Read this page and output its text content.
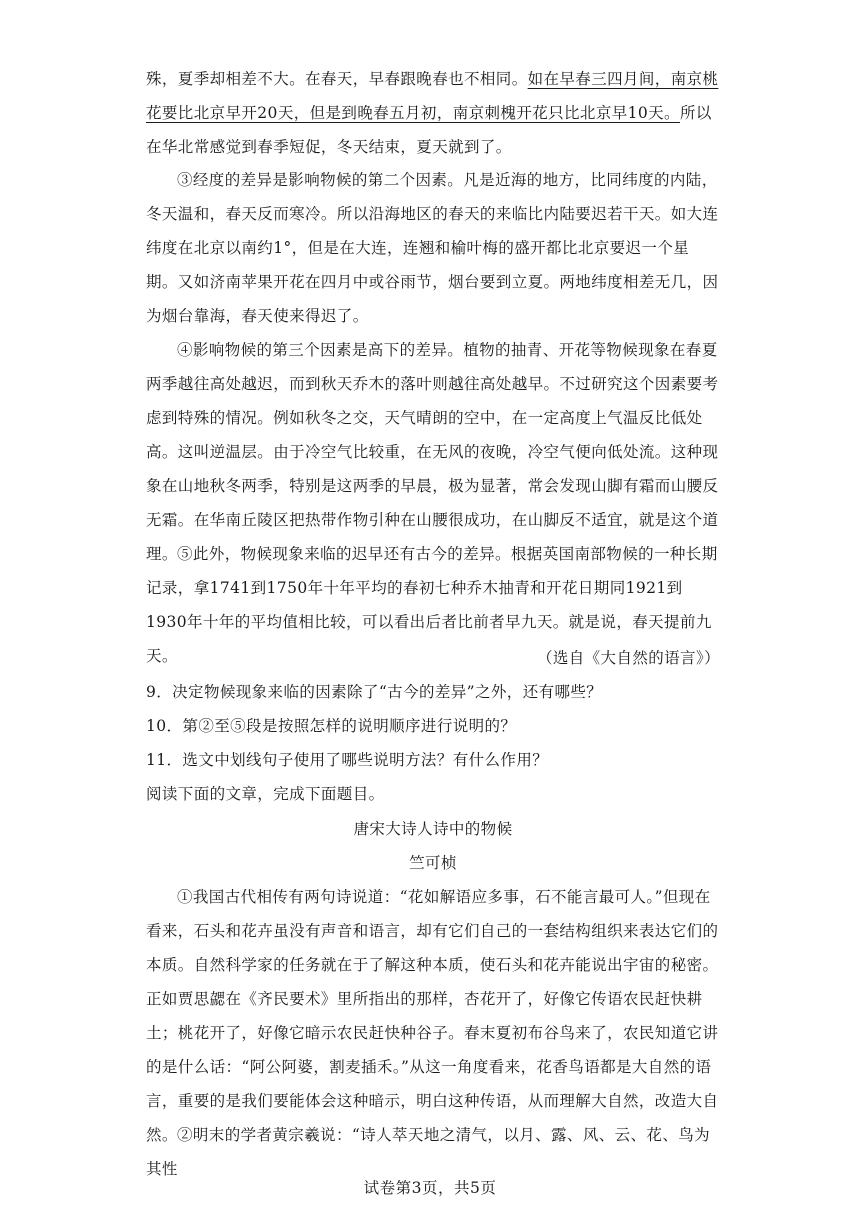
殊，夏季却相差不大。在春天，早春跟晚春也不相同。如在早春三四月间，南京桃花要比北京早开20天，但是到晚春五月初，南京刺槐开花只比北京早10天。所以在华北常感觉到春季短促，冬天结束，夏天就到了。

③经度的差异是影响物候的第二个因素。凡是近海的地方，比同纬度的内陆，冬天温和，春天反而寒冷。所以沿海地区的春天的来临比内陆要迟若干天。如大连纬度在北京以南约1°，但是在大连，连翘和榆叶梅的盛开都比北京要迟一个星期。又如济南苹果开花在四月中或谷雨节，烟台要到立夏。两地纬度相差无几，因为烟台靠海，春天使来得迟了。

④影响物候的第三个因素是高下的差异。植物的抽青、开花等物候现象在春夏两季越往高处越迟，而到秋天乔木的落叶则越往高处越早。不过研究这个因素要考虑到特殊的情况。例如秋冬之交，天气晴朗的空中，在一定高度上气温反比低处高。这叫逆温层。由于冷空气比较重，在无风的夜晚，冷空气便向低处流。这种现象在山地秋冬两季，特别是这两季的早晨，极为显著，常会发现山脚有霜而山腰反无霜。在华南丘陵区把热带作物引种在山腰很成功，在山脚反不适宜，就是这个道理。 ⑤此外，物候现象来临的迟早还有古今的差异。根据英国南部物候的一种长期记录，拿1741到1750年十年平均的春初七种乔木抽青和开花日期同1921到1930年十年的平均值相比较，可以看出后者比前者早九天。就是说，春天提前九天。	（选自《大自然的语言》）

9．决定物候现象来临的因素除了“古今的差异”之外，还有哪些？

10．第②至⑤段是按照怎样的说明顺序进行说明的？

11．选文中划线句子使用了哪些说明方法？有什么作用？

阅读下面的文章，完成下面题目。

唐宋大诗人诗中的物候

竺可桢

①我国古代相传有两句诗说道：“花如解语应多事，石不能言最可人。”但现在看来，石头和花卉虽没有声音和语言，却有它们自己的一套结构组织来表达它们的本质。自然科学家的任务就在于了解这种本质，使石头和花卉能说出宇宙的秘密。正如贾思勰在《齐民要术》里所指出的那样，杏花开了，好像它传语农民赶快耕土；桃花开了，好像它暗示农民赶快种谷子。春末夏初布谷鸟来了，农民知道它讲的是什么话：“阿公阿婆，割麦插禾。”从这一角度看来，花香鸟语都是大自然的语言，重要的是我们要能体会这种暗示，明白这种传语，从而理解大自然，改造大自然。 ②明末的学者黄宗羲说：“诗人萃天地之清气，以月、露、风、云、花、鸟为其性

试卷第3页，共5页
